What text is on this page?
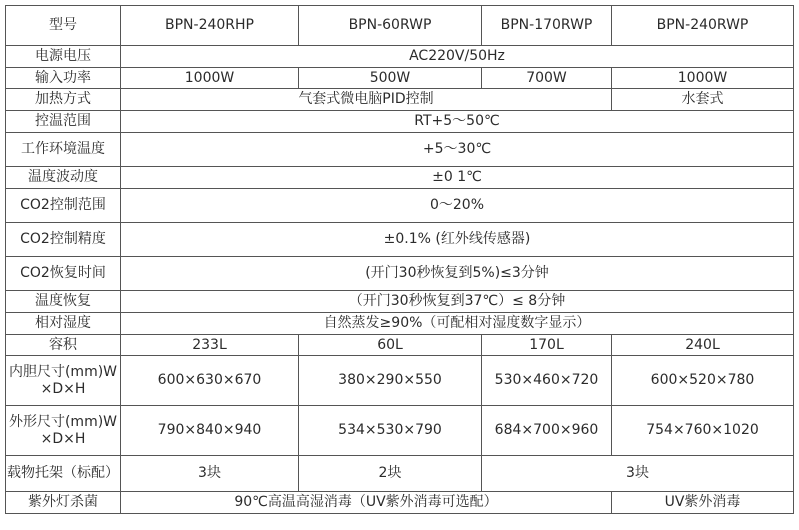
型号	BPN-240RHP	BPN-60RWP	BPN-170RWP	BPN-240RWP
电源电压	AC220V/50Hz			
输入功率	1000W	500W	700W	1000W
加热方式	气套式微电脑PID控制			水套式
控温范围	RT+5～50℃			
工作环境温度	+5～30℃			
温度波动度	±0 1℃			
CO2控制范围	0～20%			
CO2控制精度	±0.1% (红外线传感器)			
CO2恢复时间	(开门30秒恢复到5%)≤3分钟			
温度恢复	（开门30秒恢复到37℃）≤ 8分钟			
相对湿度	自然蒸发≥90%（可配相对湿度数字显示）			
容积	233L	60L	170L	240L
内胆尺寸(mm)W×D×H	600×630×670	380×290×550	530×460×720	600×520×780
外形尺寸(mm)W×D×H	790×840×940	534×530×790	684×700×960	754×760×1020
载物托架（标配）	3块	2块	3块	
紫外灯杀菌	90℃高温高湿消毒（UV紫外消毒可选配）			UV紫外消毒
